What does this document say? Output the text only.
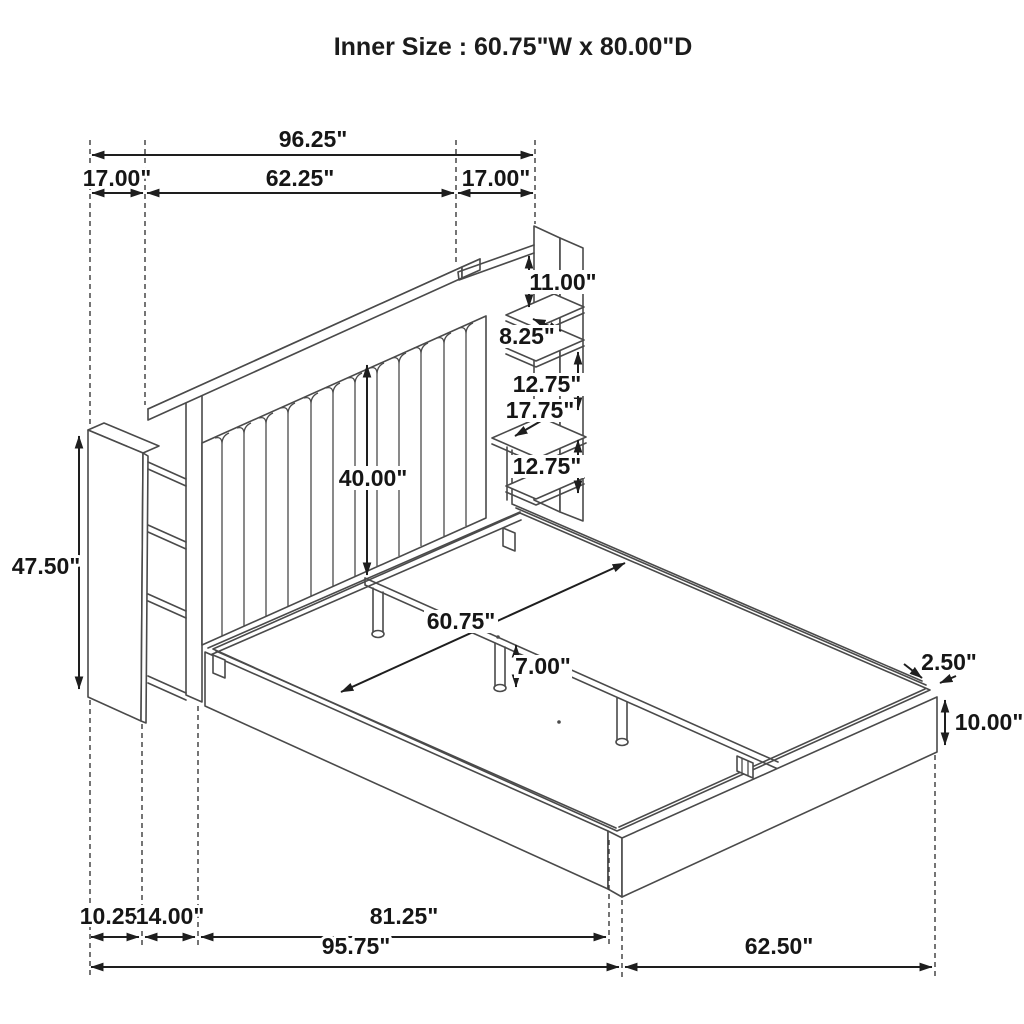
Inner Size : 60.75"W x 80.00"D
96.25"
17.00"	62.25"	17.00"
11.00"
8.25"
12.75"
17.75"
12.75"
47.50"
40.00"
60.75"
7.00"	2.50"
10.00"
10.25"
14.00"	81.25"
95.75"	62.50"
